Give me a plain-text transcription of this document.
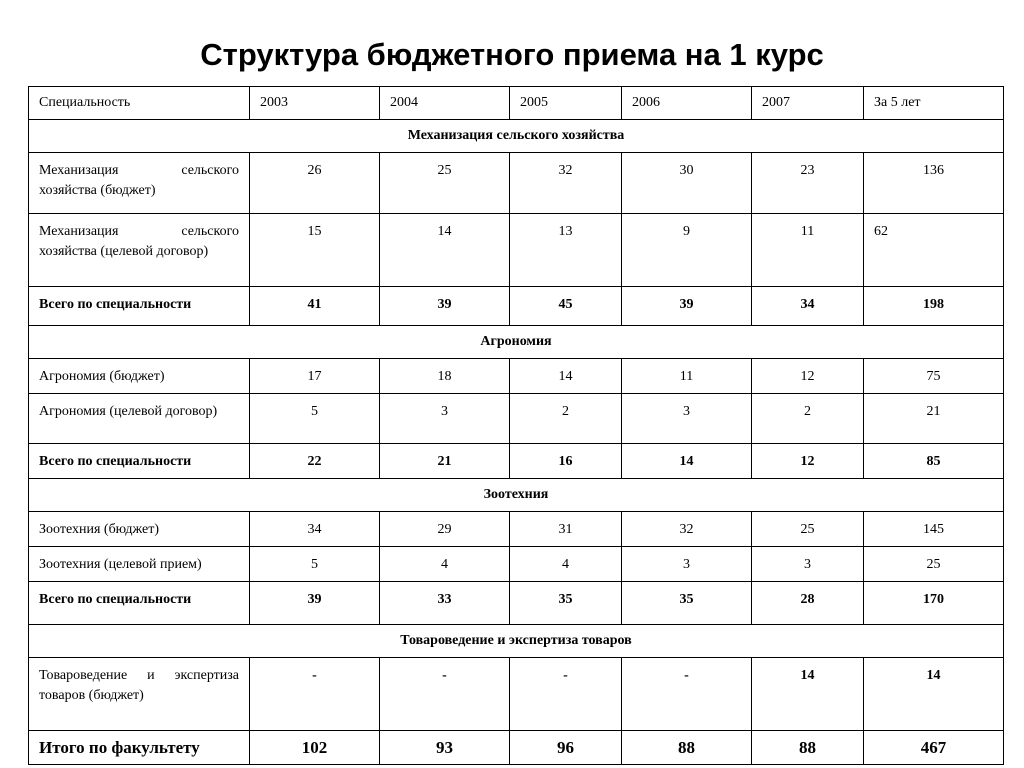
Структура бюджетного приема на 1 курс
Специальность	2003	2004	2005	2006	2007	За 5 лет
Механизация сельского хозяйства						
Механизация сельского хозяйства (бюджет)	26	25	32	30	23	136
Механизация сельского хозяйства (целевой договор)	15	14	13	9	11	62
Всего по специальности	41	39	45	39	34	198
Агрономия						
Агрономия (бюджет)	17	18	14	11	12	75
Агрономия (целевой договор)	5	3	2	3	2	21
Всего по специальности	22	21	16	14	12	85
Зоотехния						
Зоотехния (бюджет)	34	29	31	32	25	145
Зоотехния (целевой прием)	5	4	4	3	3	25
Всего по специальности	39	33	35	35	28	170
Товароведение и экспертиза товаров						
Товароведение и экспертиза товаров (бюджет)	-	-	-	-	14	14
Итого по факультету	102	93	96	88	88	467
